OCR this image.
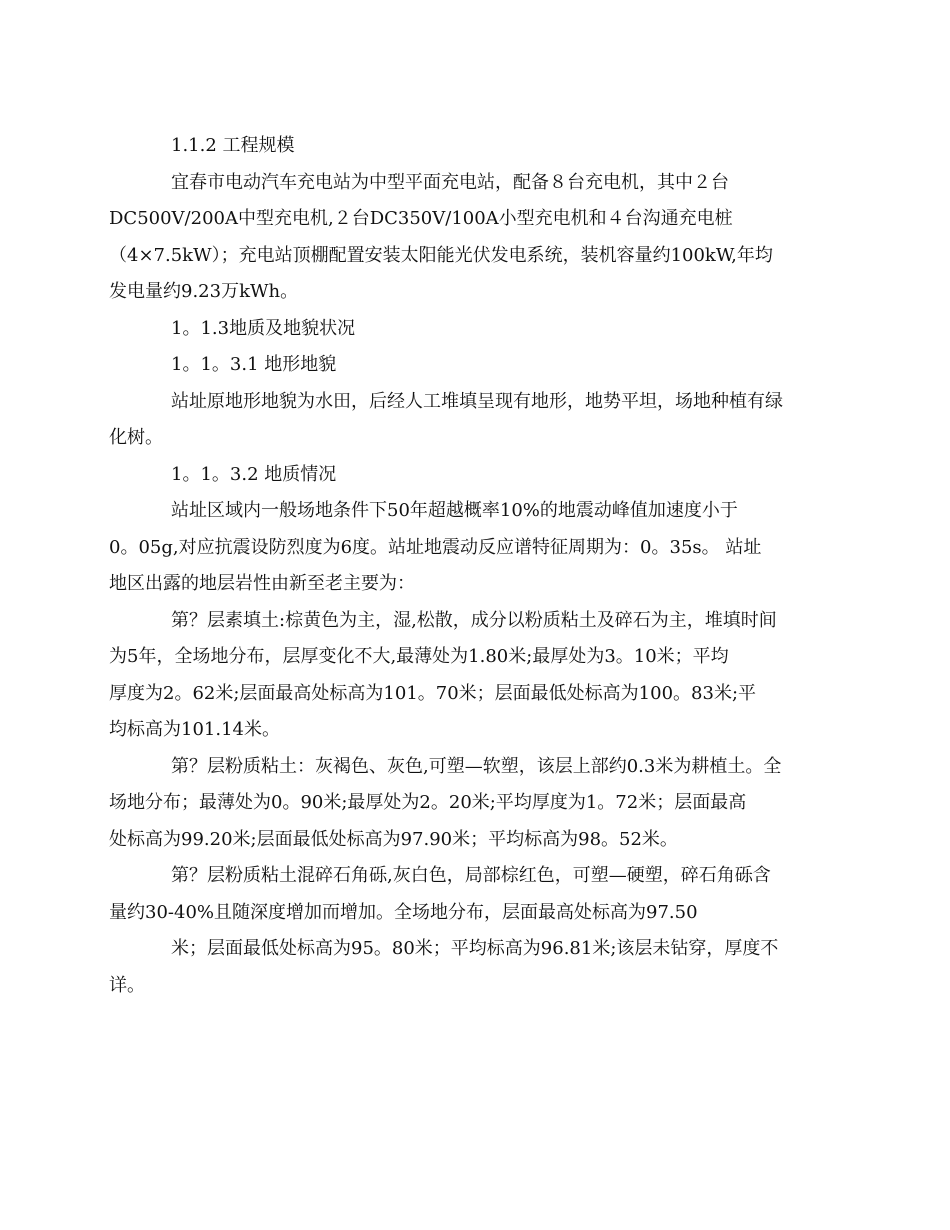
1.1.2 工程规模

宜春市电动汽车充电站为中型平面充电站，配备８台充电机，其中２台
DC500V/200A中型充电机,２台DC350V/100A小型充电机和４台沟通充电桩
（4×7.5kW）；充电站顶棚配置安装太阳能光伏发电系统，装机容量约100kW,年均
发电量约9.23万kWh。

1。1.3地质及地貌状况

1。1。3.1 地形地貌

站址原地形地貌为水田，后经人工堆填呈现有地形，地势平坦，场地种植有绿
化树。

1。1。3.2 地质情况

站址区域内一般场地条件下50年超越概率10%的地震动峰值加速度小于
0。05g,对应抗震设防烈度为6度。站址地震动反应谱特征周期为：0。35s。 站址
地区出露的地层岩性由新至老主要为：

第？层素填土:棕黄色为主，湿,松散，成分以粉质粘土及碎石为主，堆填时间
为5年，全场地分布，层厚变化不大,最薄处为1.80米;最厚处为3。10米；平均
厚度为2。62米;层面最高处标高为101。70米；层面最低处标高为100。83米;平
均标高为101.14米。

第？层粉质粘土：灰褐色、灰色,可塑—软塑，该层上部约0.3米为耕植土。全
场地分布；最薄处为0。90米;最厚处为2。20米;平均厚度为1。72米；层面最高
处标高为99.20米;层面最低处标高为97.90米；平均标高为98。52米。

第？层粉质粘土混碎石角砾,灰白色，局部棕红色，可塑—硬塑，碎石角砾含
量约30-40%且随深度增加而增加。全场地分布，层面最高处标高为97.50
米；层面最低处标高为95。80米；平均标高为96.81米;该层未钻穿，厚度不
详。
